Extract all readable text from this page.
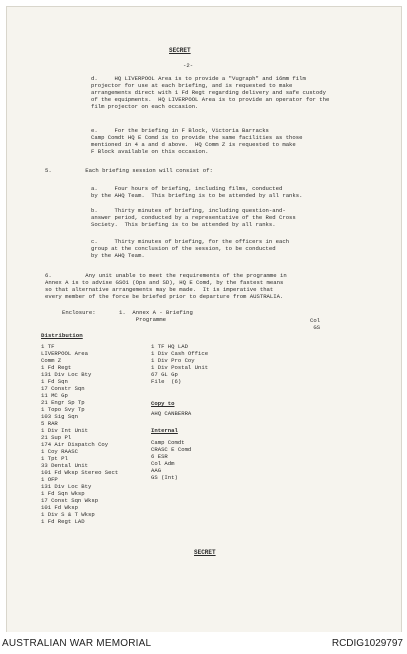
SECRET
-2-
d.     HQ LIVERPOOL Area is to provide a "Vugraph" and 16mm film
projector for use at each briefing, and is requested to make
arrangements direct with 1 Fd Regt regarding delivery and safe custody
of the equipments.  HQ LIVERPOOL Area is to provide an operator for the
film projector on each occasion.
e.     For the briefing in F Block, Victoria Barracks
Camp Comdt HQ E Comd is to provide the same facilities as those
mentioned in 4 a and d above.  HQ Comm Z is requested to make
F Block available on this occasion.
5.          Each briefing session will consist of:
a.     Four hours of briefing, including films, conducted
by the AHQ Team.  This briefing is to be attended by all ranks.
b.     Thirty minutes of briefing, including question-and-
answer period, conducted by a representative of the Red Cross
Society.  This briefing is to be attended by all ranks.
c.     Thirty minutes of briefing, for the officers in each
group at the conclusion of the session, to be conducted
by the AHQ Team.
6.          Any unit unable to meet the requirements of the programme in
Annex A is to advise GSO1 (Ops and SD), HQ E Comd, by the fastest means
so that alternative arrangements may be made.  It is imperative that
every member of the force be briefed prior to departure from AUSTRALIA.
Enclosure:	1.  Annex A - Briefing
Programme	Col
GS
Distribution
1 TF
LIVERPOOL Area
Comm Z
1 Fd Regt
131 Div Loc Bty
1 Fd Sqn
17 Constr Sqn
11 MC Gp
21 Engr Sp Tp
1 Topo Svy Tp
103 Sig Sqn
5 RAR
1 Div Int Unit
21 Sup Pl
174 Air Dispatch Coy
1 Coy RAASC
1 Tpt Pl
33 Dental Unit
101 Fd Wksp Stereo Sect
1 OFP
131 Div Loc Bty
1 Fd Sqn Wksp
17 Const Sqn Wksp
101 Fd Wksp
1 Div S & T Wksp
1 Fd Regt LAD
1 TF HQ LAD
1 Div Cash Office
1 Div Pro Coy
1 Div Postal Unit
67 GL Gp
File  (6)
Copy to
AHQ CANBERRA
Internal
Camp Comdt
CRASC E Comd
6 ESR
Col Adm
AAG
GS (Int)
SECRET
AUSTRALIAN WAR MEMORIAL	RCDIG1029797
